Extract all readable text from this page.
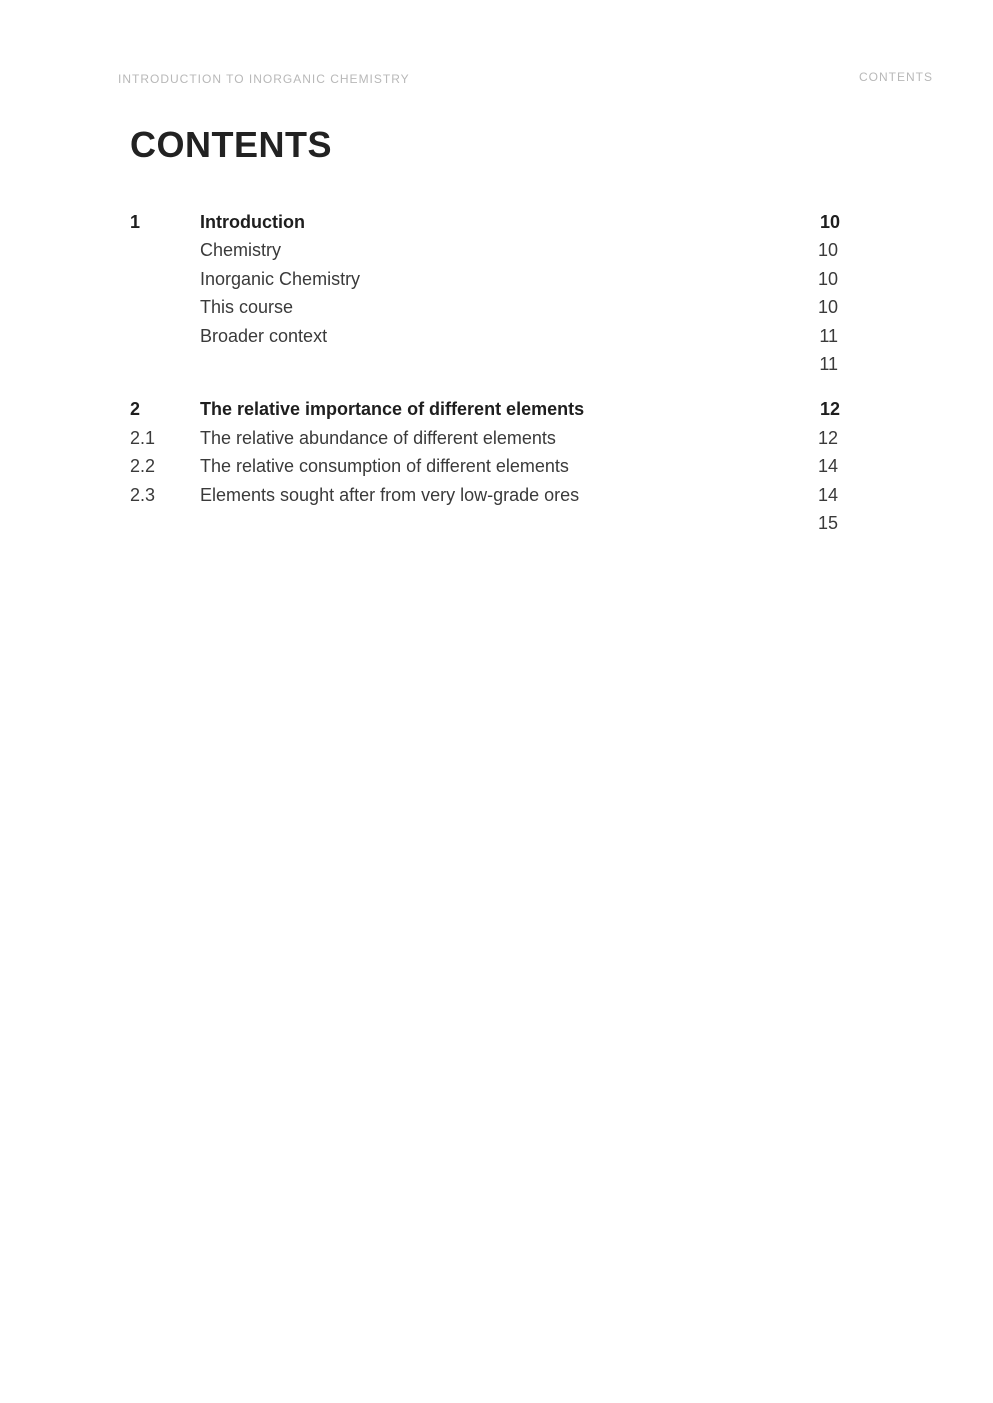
INTRODUCTION TO INORGANIC CHEMISTRY	CONTENTS
CONTENTS
1	Introduction	10
Chemistry	10
Inorganic Chemistry	10
This course	10
Broader context	11
11
2	The relative importance of different elements	12
2.1 The relative abundance of different elements	12
2.2 The relative consumption of different elements	14
2.3 Elements sought after from very low-grade ores	14
15
